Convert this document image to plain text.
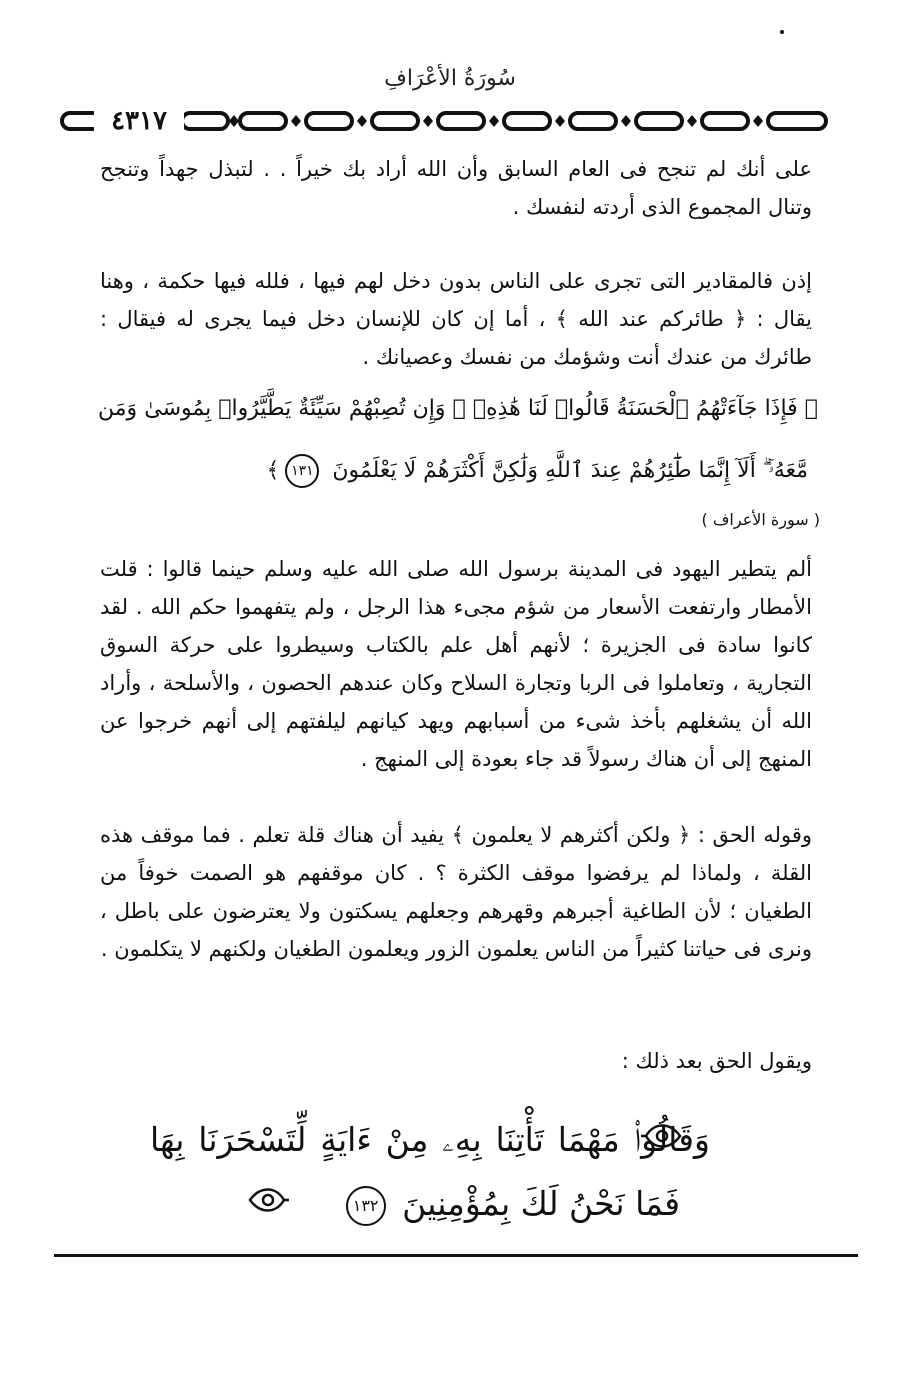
سُورَةُ الأعْرَافِ
٤٣١٧

على أنك لم تنجح فى العام السابق وأن الله أراد بك خيراً . . لتبذل جهداً وتنجح وتنال المجموع الذى أردته لنفسك .

إذن فالمقادير التى تجرى على الناس بدون دخل لهم فيها ، فلله فيها حكمة ، وهنا يقال : ﴿ طائركم عند الله ﴾ ، أما إن كان للإنسان دخل فيما يجرى له فيقال : طائرك من عندك أنت وشؤمك من نفسك وعصيانك .

﴿ فَإِذَا جَآءَتْهُمُ ٱلْحَسَنَةُ قَالُوا۟ لَنَا هَٰذِهِۦ ۖ وَإِن تُصِبْهُمْ سَيِّئَةٌ يَطَّيَّرُوا۟ بِمُوسَىٰ وَمَن

مَّعَهُۥٓ ۗ أَلَآ إِنَّمَا طَٰٓئِرُهُمْ عِندَ ٱللَّهِ وَلَٰكِنَّ أَكْثَرَهُمْ لَا يَعْلَمُونَ ١٣١﴾

( سورة الأعراف )

ألم يتطير اليهود فى المدينة برسول الله صلى الله عليه وسلم حينما قالوا : قلت الأمطار وارتفعت الأسعار من شؤم مجىء هذا الرجل ، ولم يتفهموا حكم الله . لقد كانوا سادة فى الجزيرة ؛ لأنهم أهل علم بالكتاب وسيطروا على حركة السوق التجارية ، وتعاملوا فى الربا وتجارة السلاح وكان عندهم الحصون ، والأسلحة ، وأراد الله أن يشغلهم بأخذ شىء من أسبابهم ويهد كيانهم ليلفتهم إلى أنهم خرجوا عن المنهج إلى أن هناك رسولاً قد جاء بعودة إلى المنهج .

وقوله الحق : ﴿ ولكن أكثرهم لا يعلمون ﴾ يفيد أن هناك قلة تعلم . فما موقف هذه القلة ، ولماذا لم يرفضوا موقف الكثرة ؟ . كان موقفهم هو الصمت خوفاً من الطغيان ؛ لأن الطاغية أجبرهم وقهرهم وجعلهم يسكتون ولا يعترضون على باطل ، ونرى فى حياتنا كثيراً من الناس يعلمون الزور ويعلمون الطغيان ولكنهم لا يتكلمون .

ويقول الحق بعد ذلك :

وَقَالُوا۟ مَهْمَا تَأْتِنَا بِهِۦ مِنْ ءَايَةٍ لِّتَسْحَرَنَا بِهَا
فَمَا نَحْنُ لَكَ بِمُؤْمِنِينَ ١٣٢
